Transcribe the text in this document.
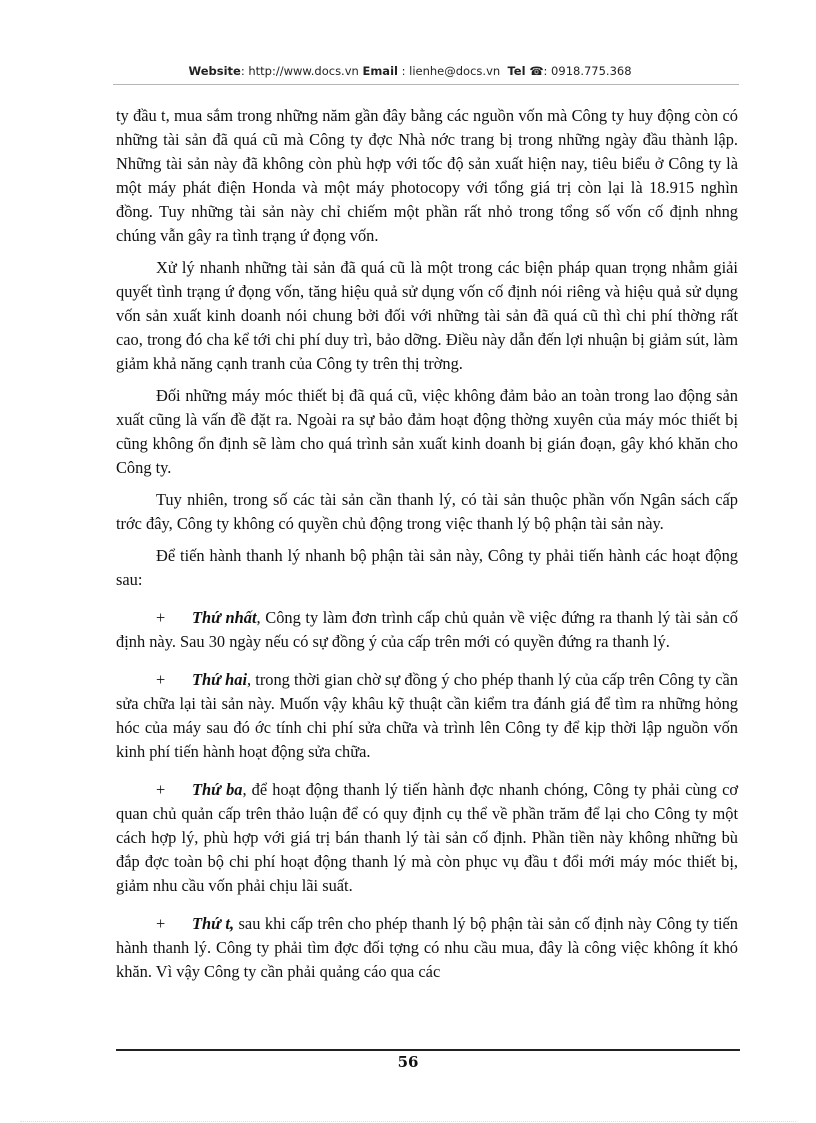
Website: http://www.docs.vn Email : lienhe@docs.vn Tel ☎: 0918.775.368

ty đầu t, mua sắm trong những năm gần đây bằng các nguồn vốn mà Công ty huy động còn có những tài sản đã quá cũ mà Công ty đợc Nhà nớc trang bị trong những ngày đầu thành lập. Những tài sản này đã không còn phù hợp với tốc độ sản xuất hiện nay, tiêu biểu ở Công ty là một máy phát điện Honda và một máy photocopy với tổng giá trị còn lại là 18.915 nghìn đồng. Tuy những tài sản này chỉ chiếm một phần rất nhỏ trong tổng số vốn cố định nhng chúng vẫn gây ra tình trạng ứ đọng vốn.

Xử lý nhanh những tài sản đã quá cũ là một trong các biện pháp quan trọng nhằm giải quyết tình trạng ứ đọng vốn, tăng hiệu quả sử dụng vốn cố định nói riêng và hiệu quả sử dụng vốn sản xuất kinh doanh nói chung bởi đối với những tài sản đã quá cũ thì chi phí thờng rất cao, trong đó cha kể tới chi phí duy trì, bảo dỡng. Điều này dẫn đến lợi nhuận bị giảm sút, làm giảm khả năng cạnh tranh của Công ty trên thị trờng.

Đối những máy móc thiết bị đã quá cũ, việc không đảm bảo an toàn trong lao động sản xuất cũng là vấn đề đặt ra. Ngoài ra sự bảo đảm hoạt động thờng xuyên của máy móc thiết bị cũng không ổn định sẽ làm cho quá trình sản xuất kinh doanh bị gián đoạn, gây khó khăn cho Công ty.

Tuy nhiên, trong số các tài sản cần thanh lý, có tài sản thuộc phần vốn Ngân sách cấp trớc đây, Công ty không có quyền chủ động trong việc thanh lý bộ phận tài sản này.

Để tiến hành thanh lý nhanh bộ phận tài sản này, Công ty phải tiến hành các hoạt động sau:

+ Thứ nhất, Công ty làm đơn trình cấp chủ quản về việc đứng ra thanh lý tài sản cố định này. Sau 30 ngày nếu có sự đồng ý của cấp trên mới có quyền đứng ra thanh lý.

+ Thứ hai, trong thời gian chờ sự đồng ý cho phép thanh lý của cấp trên Công ty cần sửa chữa lại tài sản này. Muốn vậy khâu kỹ thuật cần kiểm tra đánh giá để tìm ra những hỏng hóc của máy sau đó ớc tính chi phí sửa chữa và trình lên Công ty để kịp thời lập nguồn vốn kinh phí tiến hành hoạt động sửa chữa.

+ Thứ ba, để hoạt động thanh lý tiến hành đợc nhanh chóng, Công ty phải cùng cơ quan chủ quản cấp trên thảo luận để có quy định cụ thể về phần trăm để lại cho Công ty một cách hợp lý, phù hợp với giá trị bán thanh lý tài sản cố định. Phần tiền này không những bù đắp đợc toàn bộ chi phí hoạt động thanh lý mà còn phục vụ đầu t đổi mới máy móc thiết bị, giảm nhu cầu vốn phải chịu lãi suất.

+ Thứ t, sau khi cấp trên cho phép thanh lý bộ phận tài sản cố định này Công ty tiến hành thanh lý. Công ty phải tìm đợc đối tợng có nhu cầu mua, đây là công việc không ít khó khăn. Vì vậy Công ty cần phải quảng cáo qua các

56
